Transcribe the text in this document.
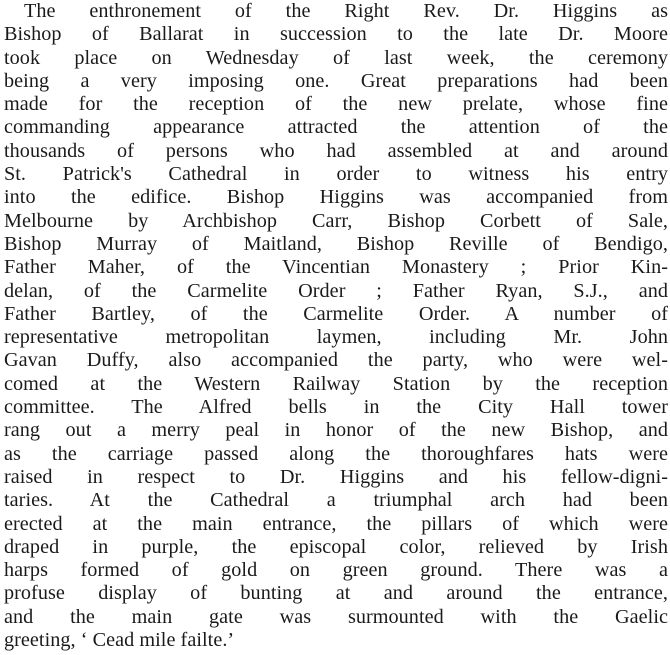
The enthronement of the Right Rev. Dr. Higgins as
Bishop of Ballarat in succession to the late Dr. Moore
took place on Wednesday of last week, the ceremony
being a very imposing one. Great preparations had been
made for the reception of the new prelate, whose fine
commanding appearance attracted the attention of the
thousands of persons who had assembled at and around
St. Patrick's Cathedral in order to witness his entry
into the edifice. Bishop Higgins was accompanied from
Melbourne by Archbishop Carr, Bishop Corbett of Sale,
Bishop Murray of Maitland, Bishop Reville of Bendigo,
Father Maher, of the Vincentian Monastery ; Prior Kin-
delan, of the Carmelite Order ; Father Ryan, S.J., and
Father Bartley, of the Carmelite Order. A number of
representative metropolitan laymen, including Mr. John
Gavan Duffy, also accompanied the party, who were wel-
comed at the Western Railway Station by the reception
committee. The Alfred bells in the City Hall tower
rang out a merry peal in honor of the new Bishop, and
as the carriage passed along the thoroughfares hats were
raised in respect to Dr. Higgins and his fellow-digni-
taries. At the Cathedral a triumphal arch had been
erected at the main entrance, the pillars of which were
draped in purple, the episcopal color, relieved by Irish
harps formed of gold on green ground. There was a
profuse display of bunting at and around the entrance,
and the main gate was surmounted with the Gaelic
greeting, ‘ Cead mile failte.’
